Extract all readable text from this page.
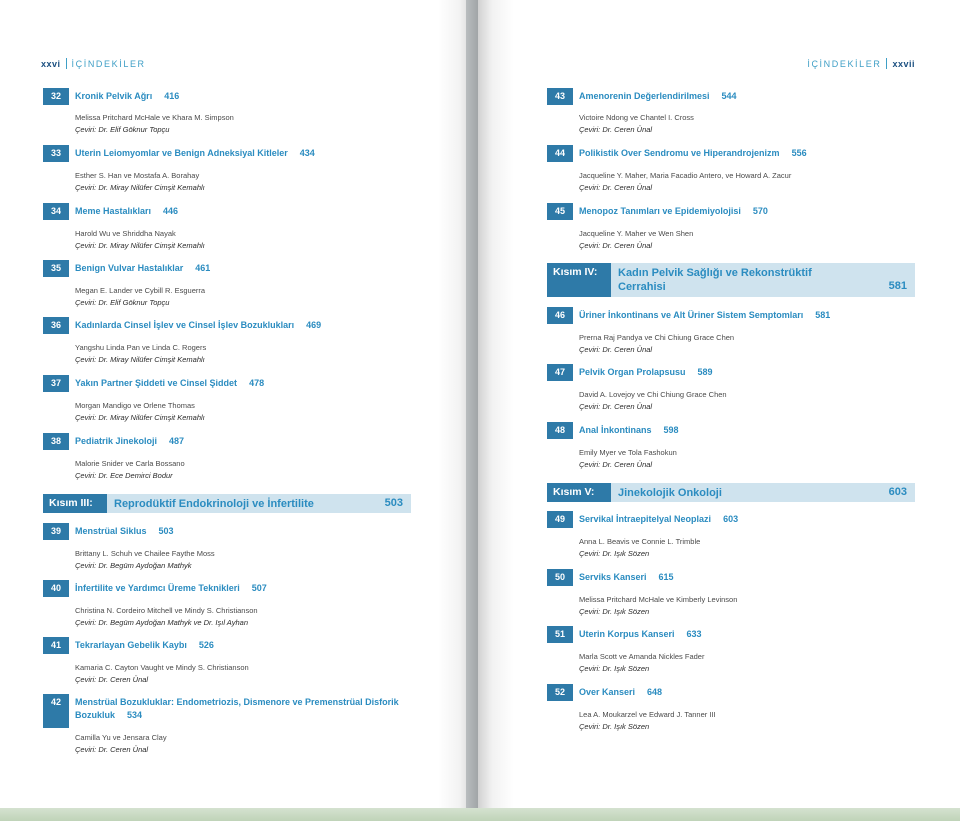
xxvi İÇİNDEKİLER	İÇİNDEKİLER xxvii
32	Kronik Pelvik Ağrı 416
Melissa Pritchard McHale ve Khara M. Simpson
Çeviri: Dr. Elif Göknur Topçu
33	Uterin Leiomyomlar ve Benign Adneksiyal Kitleler 434
Esther S. Han ve Mostafa A. Borahay
Çeviri: Dr. Miray Nilüfer Cimşit Kemahlı
34	Meme Hastalıkları 446
Harold Wu ve Shriddha Nayak
Çeviri: Dr. Miray Nilüfer Cimşit Kemahlı
35	Benign Vulvar Hastalıklar 461
Megan E. Lander ve Cybill R. Esguerra
Çeviri: Dr. Elif Göknur Topçu
36	Kadınlarda Cinsel İşlev ve Cinsel İşlev Bozuklukları 469
Yangshu Linda Pan ve Linda C. Rogers
Çeviri: Dr. Miray Nilüfer Cimşit Kemahlı
37	Yakın Partner Şiddeti ve Cinsel Şiddet 478
Morgan Mandigo ve Orlene Thomas
Çeviri: Dr. Miray Nilüfer Cimşit Kemahlı
38	Pediatrik Jinekoloji 487
Malorie Snider ve Carla Bossano
Çeviri: Dr. Ece Demirci Bodur
Kısım III:	Reprodüktif Endokrinoloji ve İnfertilite	503
39	Menstrüal Siklus 503
Brittany L. Schuh ve Chailee Faythe Moss
Çeviri: Dr. Begüm Aydoğan Mathyk
40	İnfertilite ve Yardımcı Üreme Teknikleri 507
Christina N. Cordeiro Mitchell ve Mindy S. Christianson
Çeviri: Dr. Begüm Aydoğan Mathyk ve Dr. Işıl Ayhan
41	Tekrarlayan Gebelik Kaybı 526
Kamaria C. Cayton Vaught ve Mindy S. Christianson
Çeviri: Dr. Ceren Ünal
42	Menstrüal Bozukluklar: Endometriozis, Dismenore ve Premenstrüal Disforik Bozukluk 534
Camilla Yu ve Jensara Clay
Çeviri: Dr. Ceren Ünal
43	Amenorenin Değerlendirilmesi 544
Victoire Ndong ve Chantel I. Cross
Çeviri: Dr. Ceren Ünal
44	Polikistik Over Sendromu ve Hiperandrojenizm 556
Jacqueline Y. Maher, Maria Facadio Antero, ve Howard A. Zacur
Çeviri: Dr. Ceren Ünal
45	Menopoz Tanımları ve Epidemiyolojisi 570
Jacqueline Y. Maher ve Wen Shen
Çeviri: Dr. Ceren Ünal
Kısım IV:	Kadın Pelvik Sağlığı ve Rekonstrüktif Cerrahisi	581
46	Üriner İnkontinans ve Alt Üriner Sistem Semptomları 581
Prerna Raj Pandya ve Chi Chiung Grace Chen
Çeviri: Dr. Ceren Ünal
47	Pelvik Organ Prolapsusu 589
David A. Lovejoy ve Chi Chiung Grace Chen
Çeviri: Dr. Ceren Ünal
48	Anal İnkontinans 598
Emily Myer ve Tola Fashokun
Çeviri: Dr. Ceren Ünal
Kısım V:	Jinekolojik Onkoloji	603
49	Servikal İntraepitelyal Neoplazi 603
Anna L. Beavis ve Connie L. Trimble
Çeviri: Dr. Işık Sözen
50	Serviks Kanseri 615
Melissa Pritchard McHale ve Kimberly Levinson
Çeviri: Dr. Işık Sözen
51	Uterin Korpus Kanseri 633
Marla Scott ve Amanda Nickles Fader
Çeviri: Dr. Işık Sözen
52	Over Kanseri 648
Lea A. Moukarzel ve Edward J. Tanner III
Çeviri: Dr. Işık Sözen
